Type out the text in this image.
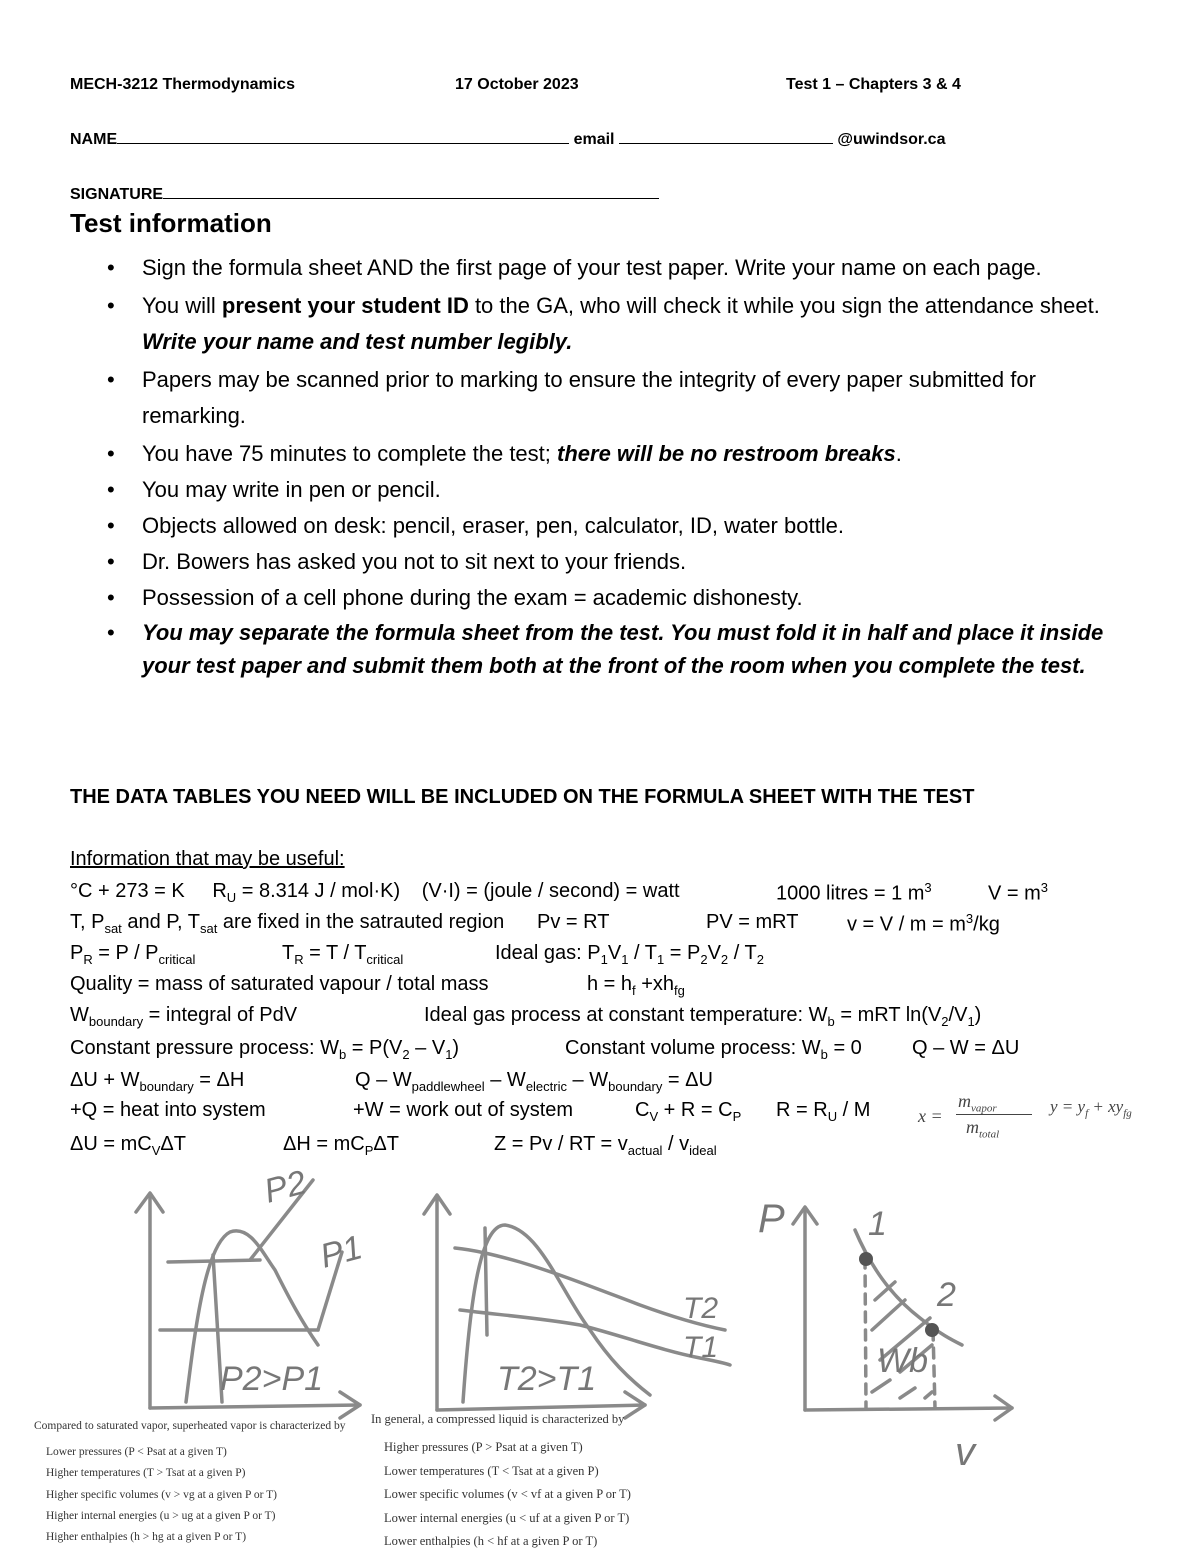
MECH-3212 Thermodynamics	17 October 2023	Test 1 – Chapters 3 & 4
NAME	email	@uwindsor.ca
SIGNATURE
Test information
• Sign the formula sheet AND the first page of your test paper. Write your name on each page.
• You will present your student ID to the GA, who will check it while you sign the attendance sheet. Write your name and test number legibly.
• Papers may be scanned prior to marking to ensure the integrity of every paper submitted for remarking.
• You have 75 minutes to complete the test; there will be no restroom breaks.
• You may write in pen or pencil.
• Objects allowed on desk: pencil, eraser, pen, calculator, ID, water bottle.
• Dr. Bowers has asked you not to sit next to your friends.
• Possession of a cell phone during the exam = academic dishonesty.
• You may separate the formula sheet from the test. You must fold it in half and place it inside your test paper and submit them both at the front of the room when you complete the test.
THE DATA TABLES YOU NEED WILL BE INCLUDED ON THE FORMULA SHEET WITH THE TEST
Information that may be useful:
°C + 273 = K $R_U = 8.314$ J / mol·K) (V·I) = (joule / second) = watt	1000 litres = 1 $m^3$	$V = m^3$
T, $P_{sat}$ and P, $T_{sat}$ are fixed in the satrauted region Pv = RT	PV = mRT $v = V / m = m^3/kg$
$P_R = P / P_{critical}$	$T_R = T / T_{critical}$	Ideal gas: $P_1V_1 / T_1 = P_2V_2 / T_2$
Quality = mass of saturated vapour / total mass	$h = h_f +xh_{fg}$
$W_{boundary}$ = integral of PdV	Ideal gas process at constant temperature: $W_b$ = mRT $\ln(V_2/V_1)$
Constant pressure process: $W_b = P(V_2 - V_1)$	Constant volume process: $W_b = 0$	Q – W = ΔU
$\Delta U + W_{boundary} = \Delta H$	$Q - W_{paddlewheel} - W_{electric} - W_{boundary} = \Delta U$
+Q = heat into system	+W = work out of system	$C_V + R = C_P$ $R = R_U / M$	x =
$m_{vapor}$
$m_{total}$
$y = y_f + xy_{fg}$
$\Delta U = mC_V\Delta T$	$\Delta H = mC_P\Delta T$	Z = Pv / RT = $v_{actual} / v_{ideal}$
P2
P1
P2>P1
T2
T1
T2>T1
P
v
1
2
Wb
Compared to saturated vapor, superheated vapor is characterized by
Lower pressures (P < Psat at a given T)
Higher temperatures (T > Tsat at a given P)
Higher specific volumes (v > vg at a given P or T)
Higher internal energies (u > ug at a given P or T)
Higher enthalpies (h > hg at a given P or T)
In general, a compressed liquid is characterized by
Higher pressures (P > Psat at a given T)
Lower temperatures (T < Tsat at a given P)
Lower specific volumes (v < vf at a given P or T)
Lower internal energies (u < uf at a given P or T)
Lower enthalpies (h < hf at a given P or T)
